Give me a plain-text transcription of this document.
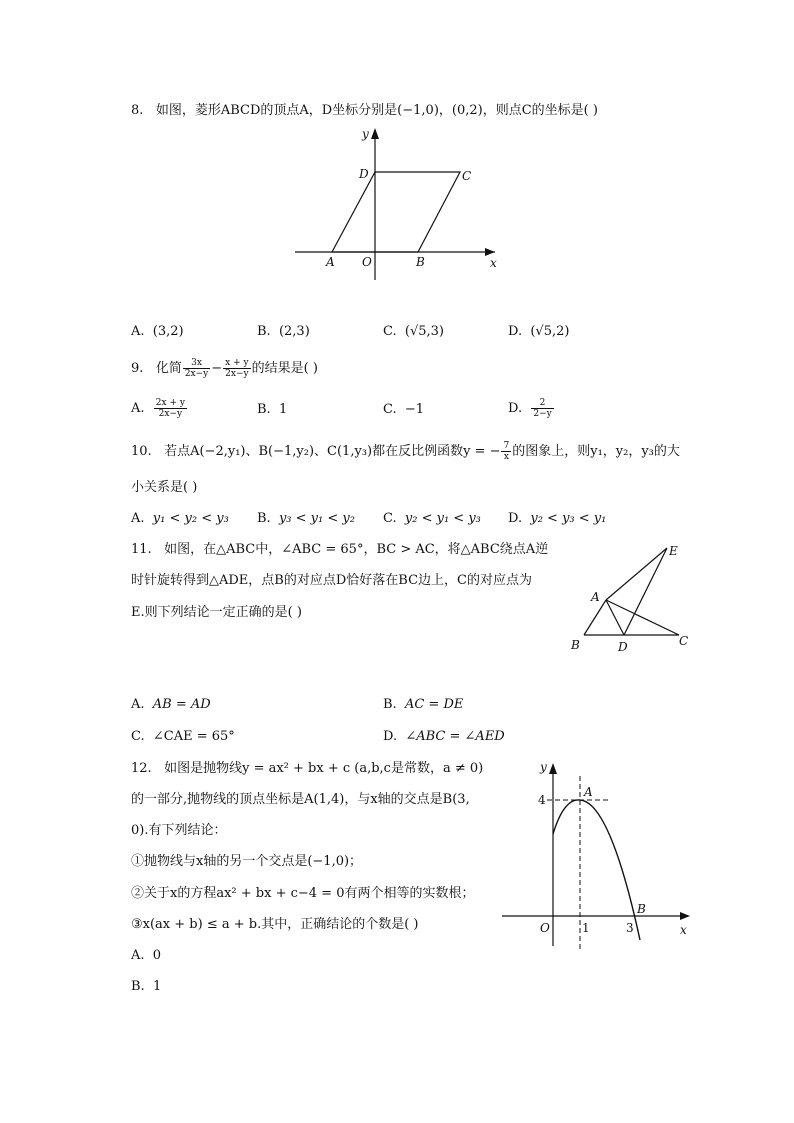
8. 如图，菱形ABCD的顶点A，D坐标分别是(−1,0)，(0,2)，则点C的坐标是( )
y
x
O
A	B
C
D
A. (3,2)	B. (2,3)	C. (√5,3)	D. (√5,2)
9. 化简 $\frac{3x}{2x-y} - \frac{x + y}{2x-y}$ 的结果是( )
A. $\frac{2x + y}{2x-y}$	B. 1	C. −1	D. $\frac{2}{2-y}$
10. 若点A(−2,y₁)、B(−1,y₂)、C(1,y₃)都在反比例函数y = − $\frac{7}{x}$ 的图象上，则y₁，y₂，y₃的大
小关系是( )
A. y₁ < y₂ < y₃ B. y₃ < y₁ < y₂ C. y₂ < y₁ < y₃ D. y₂ < y₃ < y₁
11. 如图，在△ABC中，∠ABC = 65°，BC > AC，将△ABC绕点A逆
时针旋转得到△ADE，点B的对应点D恰好落在BC边上，C的对应点为
E.则下列结论一定正确的是( )
A
B	C
D
E
A. AB = AD	B. AC = DE
C. ∠CAE = 65°	D. ∠ABC = ∠AED
12. 如图是抛物线y = ax² + bx + c (a,b,c是常数，a ≠ 0)
的一部分,抛物线的顶点坐标是A(1,4)，与x轴的交点是B(3,
0).有下列结论：
①抛物线与x轴的另一个交点是(−1,0)；
②关于x的方程ax² + bx + c−4 = 0有两个相等的实数根；
③x(ax + b) ≤ a + b.其中，正确结论的个数是( )
y
x
O
4
1	3
A
B
A. 0
B. 1
